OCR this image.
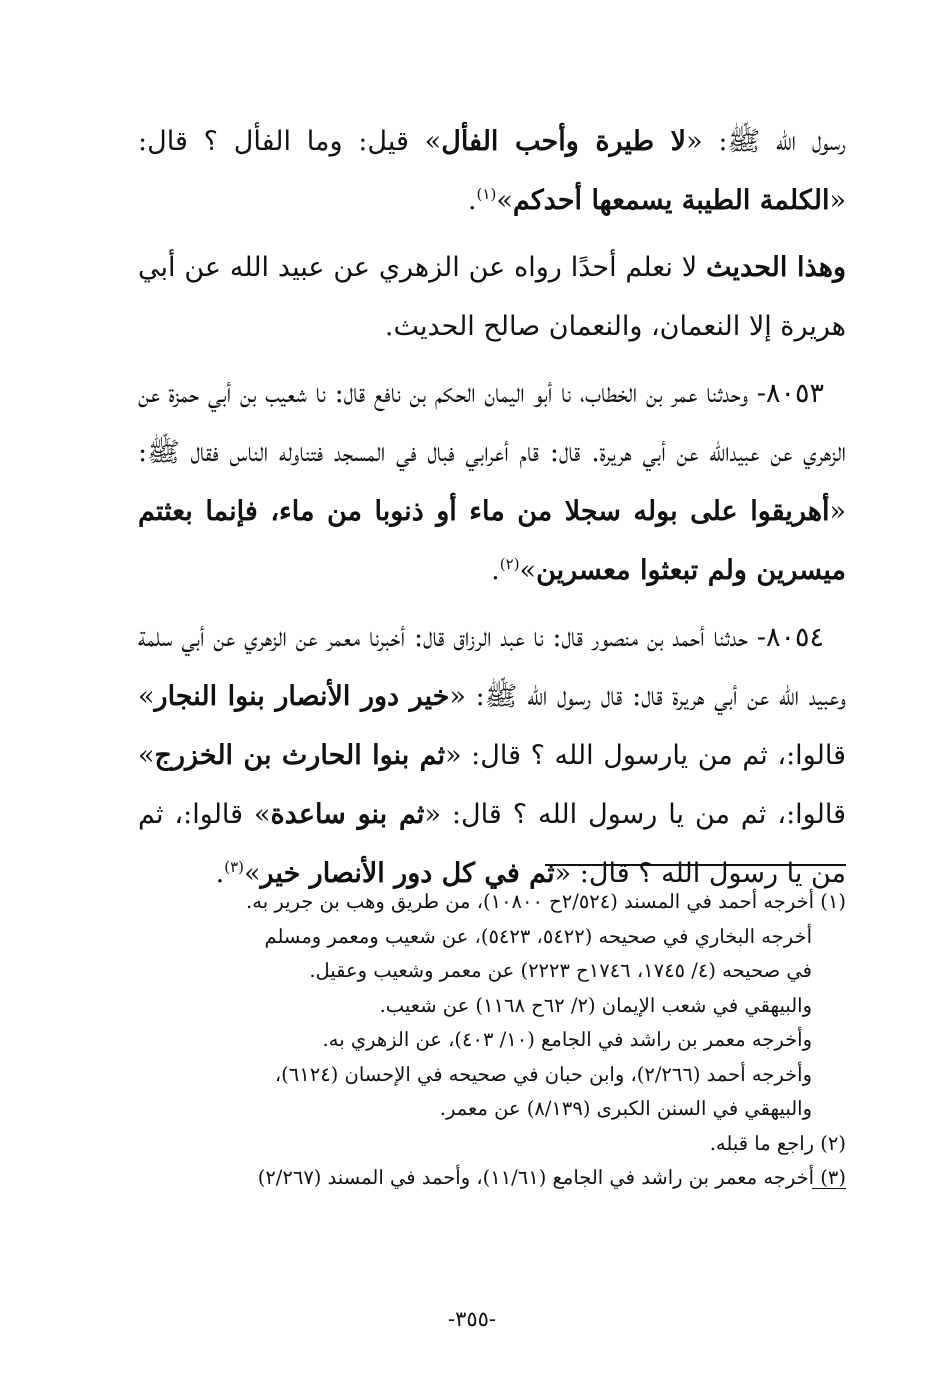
رسول الله ﷺ: «لا طيرة وأحب الفأل» قيل: وما الفأل ؟ قال: «الكلمة الطيبة يسمعها أحدكم»$^{(١)}$.

وهذا الحديث لا نعلم أحدًا رواه عن الزهري عن عبيد الله عن أبي هريرة إلا النعمان، والنعمان صالح الحديث.

٨٠٥٣- وحدثنا عمر بن الخطاب، نا أبو اليمان الحكم بن نافع قال: نا شعيب بن أبي حمزة عن الزهري عن عبيدالله عن أبي هريرة. قال: قام أعرابي فبال في المسجد فتناوله الناس فقال ﷺ: «أهريقوا على بوله سجلا من ماء أو ذنوبا من ماء، فإنما بعثتم ميسرين ولم تبعثوا معسرين»$^{(٢)}$.

٨٠٥٤- حدثنا أحمد بن منصور قال: نا عبد الرزاق قال: أخبرنا معمر عن الزهري عن أبي سلمة وعبيد الله عن أبي هريرة قال: قال رسول الله ﷺ: «خير دور الأنصار بنوا النجار» قالوا:، ثم من يارسول الله ؟ قال: «ثم بنوا الحارث بن الخزرج» قالوا:، ثم من يا رسول الله ؟ قال: «ثم بنو ساعدة» قالوا:، ثم من يا رسول الله ؟ قال: «ثم في كل دور الأنصار خير»$^{(٣)}$.

(١) أخرجه أحمد في المسند (٢/٥٢٤ح ١٠٨٠٠)، من طريق وهب بن جرير به.

أخرجه البخاري في صحيحه (٥٤٢٢، ٥٤٢٣)، عن شعيب ومعمر ومسلم

في صحيحه (٤/ ١٧٤٥، ١٧٤٦ح ٢٢٢٣) عن معمر وشعيب وعقيل.

والبيهقي في شعب الإيمان (٢/ ٦٢ح ١١٦٨) عن شعيب.

وأخرجه معمر بن راشد في الجامع (١٠/ ٤٠٣)، عن الزهري به.

وأخرجه أحمد (٢/٢٦٦)، وابن حبان في صحيحه في الإحسان (٦١٢٤)،

والبيهقي في السنن الكبرى (٨/١٣٩) عن معمر.

(٢) راجع ما قبله.

(٣) أخرجه معمر بن راشد في الجامع (١١/٦١)، وأحمد في المسند (٢/٢٦٧)

-٣٥٥-
